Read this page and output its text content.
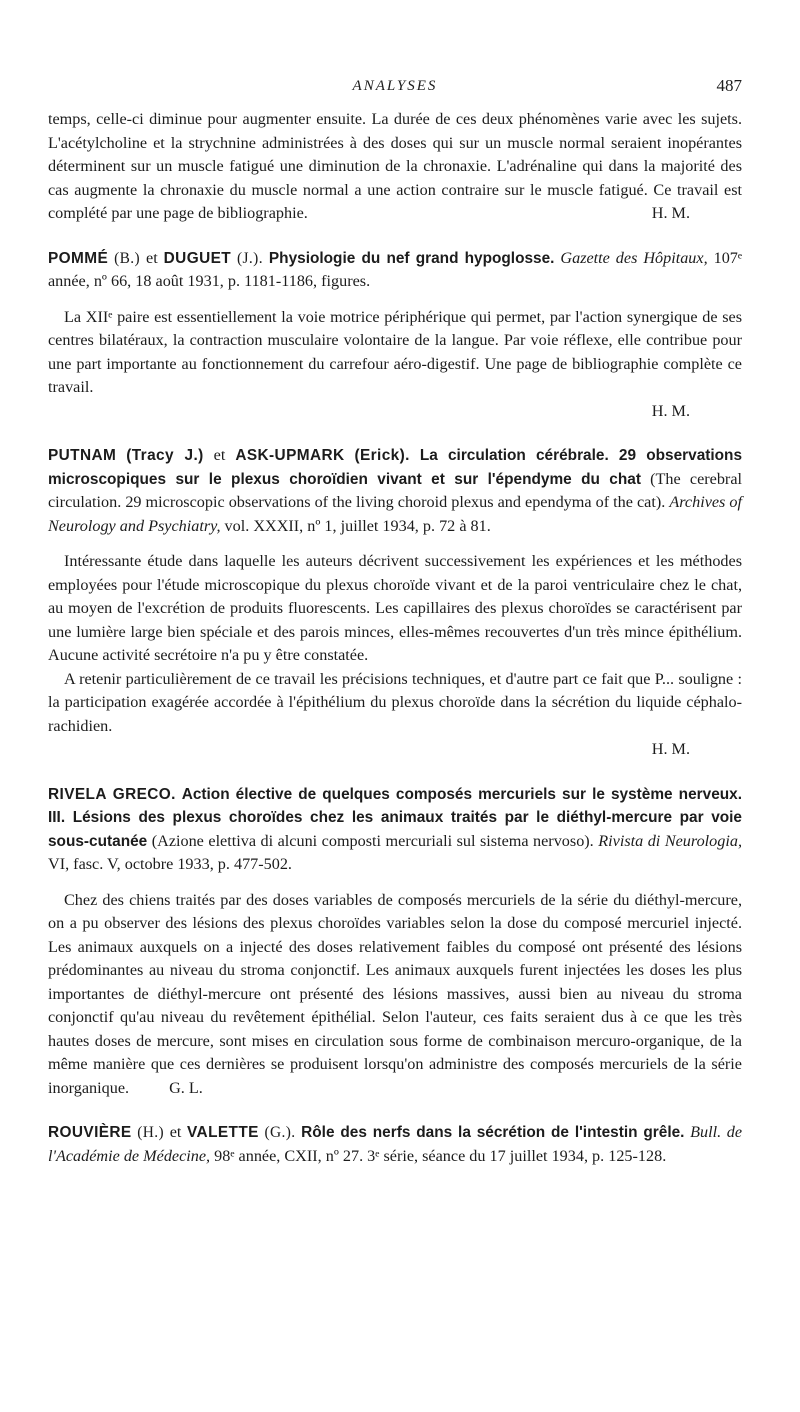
ANALYSES	487

temps, celle-ci diminue pour augmenter ensuite. La durée de ces deux phénomènes varie avec les sujets. L'acétylcholine et la strychnine administrées à des doses qui sur un muscle normal seraient inopérantes déterminent sur un muscle fatigué une diminution de la chronaxie. L'adrénaline qui dans la majorité des cas augmente la chronaxie du muscle normal a une action contraire sur le muscle fatigué. Ce travail est complété par une page de bibliographie.	H. M.

POMMÉ (B.) et DUGUET (J.). Physiologie du nef grand hypoglosse. Gazette des Hôpitaux, 107ᵉ année, nº 66, 18 août 1931, p. 1181-1186, figures.

La XIIᵉ paire est essentiellement la voie motrice périphérique qui permet, par l'action synergique de ses centres bilatéraux, la contraction musculaire volontaire de la langue. Par voie réflexe, elle contribue pour une part importante au fonctionnement du carrefour aéro-digestif. Une page de bibliographie complète ce travail.

H. M.

PUTNAM (Tracy J.) et ASK-UPMARK (Erick). La circulation cérébrale. 29 observations microscopiques sur le plexus choroïdien vivant et sur l'épendyme du chat (The cerebral circulation. 29 microscopic observations of the living choroid plexus and ependyma of the cat). Archives of Neurology and Psychiatry, vol. XXXII, nº 1, juillet 1934, p. 72 à 81.

Intéressante étude dans laquelle les auteurs décrivent successivement les expériences et les méthodes employées pour l'étude microscopique du plexus choroïde vivant et de la paroi ventriculaire chez le chat, au moyen de l'excrétion de produits fluorescents. Les capillaires des plexus choroïdes se caractérisent par une lumière large bien spéciale et des parois minces, elles-mêmes recouvertes d'un très mince épithélium. Aucune activité secrétoire n'a pu y être constatée.

A retenir particulièrement de ce travail les précisions techniques, et d'autre part ce fait que P... souligne : la participation exagérée accordée à l'épithélium du plexus choroïde dans la sécrétion du liquide céphalo-rachidien.

H. M.

RIVELA GRECO. Action élective de quelques composés mercuriels sur le système nerveux. III. Lésions des plexus choroïdes chez les animaux traités par le diéthyl-mercure par voie sous-cutanée (Azione elettiva di alcuni composti mercuriali sul sistema nervoso). Rivista di Neurologia, VI, fasc. V, octobre 1933, p. 477-502.

Chez des chiens traités par des doses variables de composés mercuriels de la série du diéthyl-mercure, on a pu observer des lésions des plexus choroïdes variables selon la dose du composé mercuriel injecté. Les animaux auxquels on a injecté des doses relativement faibles du composé ont présenté des lésions prédominantes au niveau du stroma conjonctif. Les animaux auxquels furent injectées les doses les plus importantes de diéthyl-mercure ont présenté des lésions massives, aussi bien au niveau du stroma conjonctif qu'au niveau du revêtement épithélial. Selon l'auteur, ces faits seraient dus à ce que les très hautes doses de mercure, sont mises en circulation sous forme de combinaison mercuro-organique, de la même manière que ces dernières se produisent lorsqu'on administre des composés mercuriels de la série inorganique. G. L.

ROUVIÈRE (H.) et VALETTE (G.). Rôle des nerfs dans la sécrétion de l'intestin grêle. Bull. de l'Académie de Médecine, 98ᵉ année, CXII, nº 27. 3ᵉ série, séance du 17 juillet 1934, p. 125-128.
